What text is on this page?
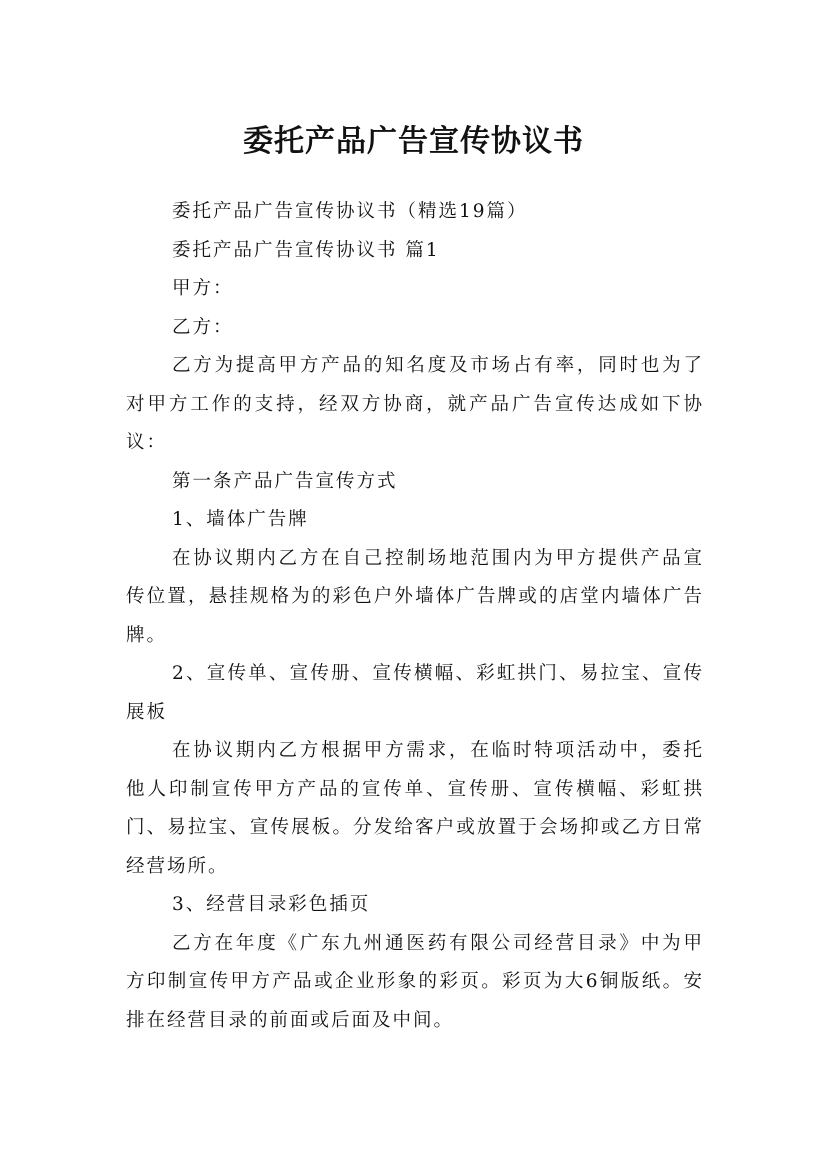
委托产品广告宣传协议书

委托产品广告宣传协议书（精选19篇）

委托产品广告宣传协议书 篇1

甲方：

乙方：

乙方为提高甲方产品的知名度及市场占有率，同时也为了对甲方工作的支持，经双方协商，就产品广告宣传达成如下协议：

第一条产品广告宣传方式

1、墙体广告牌

在协议期内乙方在自己控制场地范围内为甲方提供产品宣传位置，悬挂规格为的彩色户外墙体广告牌或的店堂内墙体广告牌。

2、宣传单、宣传册、宣传横幅、彩虹拱门、易拉宝、宣传展板

在协议期内乙方根据甲方需求，在临时特项活动中，委托他人印制宣传甲方产品的宣传单、宣传册、宣传横幅、彩虹拱门、易拉宝、宣传展板。分发给客户或放置于会场抑或乙方日常经营场所。

3、经营目录彩色插页

乙方在年度《广东九州通医药有限公司经营目录》中为甲方印制宣传甲方产品或企业形象的彩页。彩页为大6铜版纸。安排在经营目录的前面或后面及中间。
